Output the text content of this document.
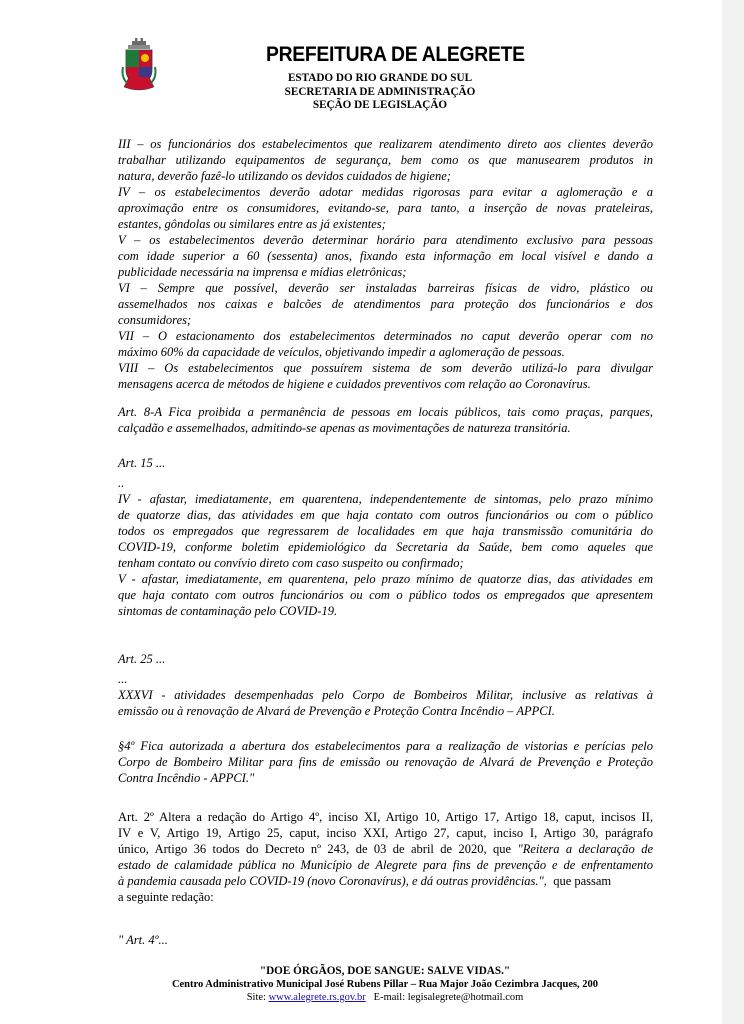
PREFEITURA DE ALEGRETE
ESTADO DO RIO GRANDE DO SUL
SECRETARIA DE ADMINISTRAÇÃO
SEÇÃO DE LEGISLAÇÃO
III – os funcionários dos estabelecimentos que realizarem atendimento direto aos clientes deverão
trabalhar utilizando equipamentos de segurança, bem como os que manusearem produtos in
natura, deverão fazê-lo utilizando os devidos cuidados de higiene;
IV – os estabelecimentos deverão adotar medidas rigorosas para evitar a aglomeração e a
aproximação entre os consumidores, evitando-se, para tanto, a inserção de novas prateleiras,
estantes, gôndolas ou similares entre as já existentes;
V – os estabelecimentos deverão determinar horário para atendimento exclusivo para pessoas
com idade superior a 60 (sessenta) anos, fixando esta informação em local visível e dando a
publicidade necessária na imprensa e mídias eletrônicas;
VI – Sempre que possível, deverão ser instaladas barreiras físicas de vidro, plástico ou
assemelhados nos caixas e balcões de atendimentos para proteção dos funcionários e dos
consumidores;
VII – O estacionamento dos estabelecimentos determinados no caput deverão operar com no
máximo 60% da capacidade de veículos, objetivando impedir a aglomeração de pessoas.
VIII – Os estabelecimentos que possuírem sistema de som deverão utilizá-lo para divulgar
mensagens acerca de métodos de higiene e cuidados preventivos com relação ao Coronavírus.
Art. 8-A Fica proibida a permanência de pessoas em locais públicos, tais como praças, parques,
calçadão e assemelhados, admitindo-se apenas as movimentações de natureza transitória.
Art. 15 ...
..
IV - afastar, imediatamente, em quarentena, independentemente de sintomas, pelo prazo mínimo
de quatorze dias, das atividades em que haja contato com outros funcionários ou com o público
todos os empregados que regressarem de localidades em que haja transmissão comunitária do
COVID-19, conforme boletim epidemiológico da Secretaria da Saúde, bem como aqueles que
tenham contato ou convívio direto com caso suspeito ou confirmado;
V - afastar, imediatamente, em quarentena, pelo prazo mínimo de quatorze dias, das atividades em
que haja contato com outros funcionários ou com o público todos os empregados que apresentem
sintomas de contaminação pelo COVID-19.
Art. 25 ...
...
XXXVI - atividades desempenhadas pelo Corpo de Bombeiros Militar, inclusive as relativas à
emissão ou à renovação de Alvará de Prevenção e Proteção Contra Incêndio – APPCI.
§4º Fica autorizada a abertura dos estabelecimentos para a realização de vistorias e perícias pelo
Corpo de Bombeiro Militar para fins de emissão ou renovação de Alvará de Prevenção e Proteção
Contra Incêndio - APPCI."
Art. 2º Altera a redação do Artigo 4º, inciso XI, Artigo 10, Artigo 17, Artigo 18, caput, incisos II,
IV e V, Artigo 19, Artigo 25, caput, inciso XXI, Artigo 27, caput, inciso I, Artigo 30, parágrafo
único, Artigo 36 todos do Decreto nº 243, de 03 de abril de 2020, que "Reitera a declaração de
estado de calamidade pública no Município de Alegrete para fins de prevenção e de enfrentamento
à pandemia causada pelo COVID-19 (novo Coronavírus), e dá outras providências.",  que passam
a seguinte redação:
" Art. 4º...
"DOE ÓRGÃOS, DOE SANGUE: SALVE VIDAS."
Centro Administrativo Municipal José Rubens Pillar – Rua Major João Cezimbra Jacques, 200
Site: www.alegrete.rs.gov.br   E-mail: legisalegrete@hotmail.com
